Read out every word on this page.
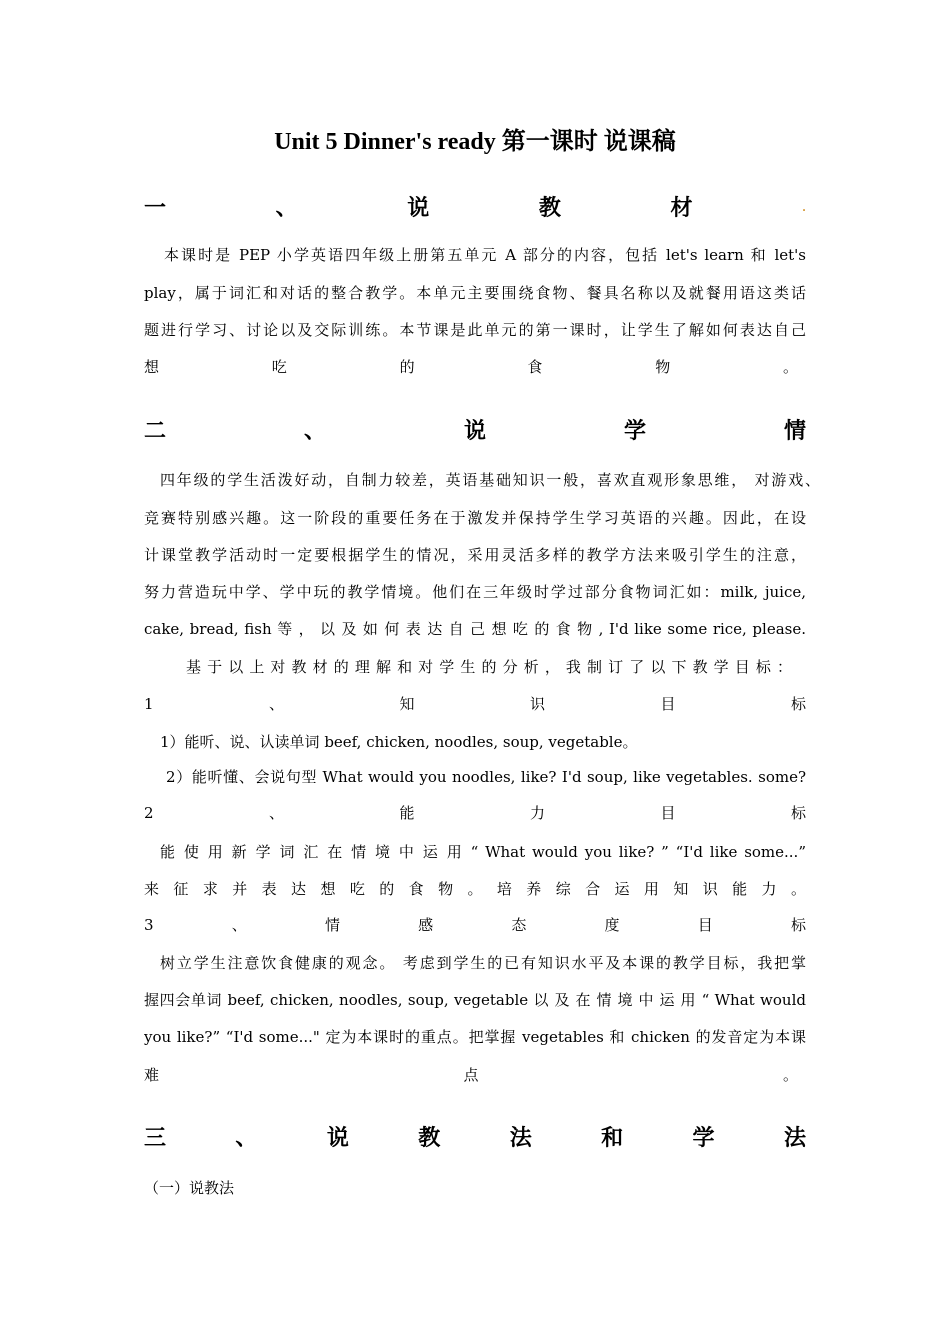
Unit 5 Dinner's ready 第一课时 说课稿
一	、	说	教	材	.
本课时是 PEP 小学英语四年级上册第五单元 A 部分的内容，包括 let's learn 和 let's
play，属于词汇和对话的整合教学。本单元主要围绕食物、餐具名称以及就餐用语这类话
题进行学习、讨论以及交际训练。本节课是此单元的第一课时，让学生了解如何表达自己
想	吃	的	食	物	。
二	、	说	学	情
四年级的学生活泼好动，自制力较差，英语基础知识一般，喜欢直观形象思维， 对游戏、
竞赛特别感兴趣。这一阶段的重要任务在于激发并保持学生学习英语的兴趣。因此，在设
计课堂教学活动时一定要根据学生的情况，采用灵活多样的教学方法来吸引学生的注意，
努力营造玩中学、学中玩的教学情境。他们在三年级时学过部分食物词汇如：milk, juice,
cake, bread, fish 等 ， 以 及 如 何 表 达 自 己 想 吃 的 食 物 , I'd like some rice, please.
基 于 以 上 对 教 材 的 理 解 和 对 学 生 的 分 析 ， 我 制 订 了 以 下 教 学 目 标 ：
1	、	知	识	目	标
1）能听、说、认读单词 beef, chicken, noodles, soup, vegetable。
2）能听懂、会说句型 What would you noodles, like? I'd soup, like vegetables. some?
2	、	能	力	目	标
能 使 用 新 学 词 汇 在 情 境 中 运 用 “ What would you like? ” “I'd like some...”
来 征 求 并 表 达 想 吃 的 食 物 。 培 养 综 合 运 用 知 识 能 力 。
3	、	情	感	态	度	目	标
树立学生注意饮食健康的观念。 考虑到学生的已有知识水平及本课的教学目标，我把掌
握四会单词 beef, chicken, noodles, soup, vegetable 以 及 在 情 境 中 运 用 “ What would
you like?” “I'd some..." 定为本课时的重点。把掌握 vegetables 和 chicken 的发音定为本课
难	点	。
三	、	说	教	法	和	学	法
（一）说教法
